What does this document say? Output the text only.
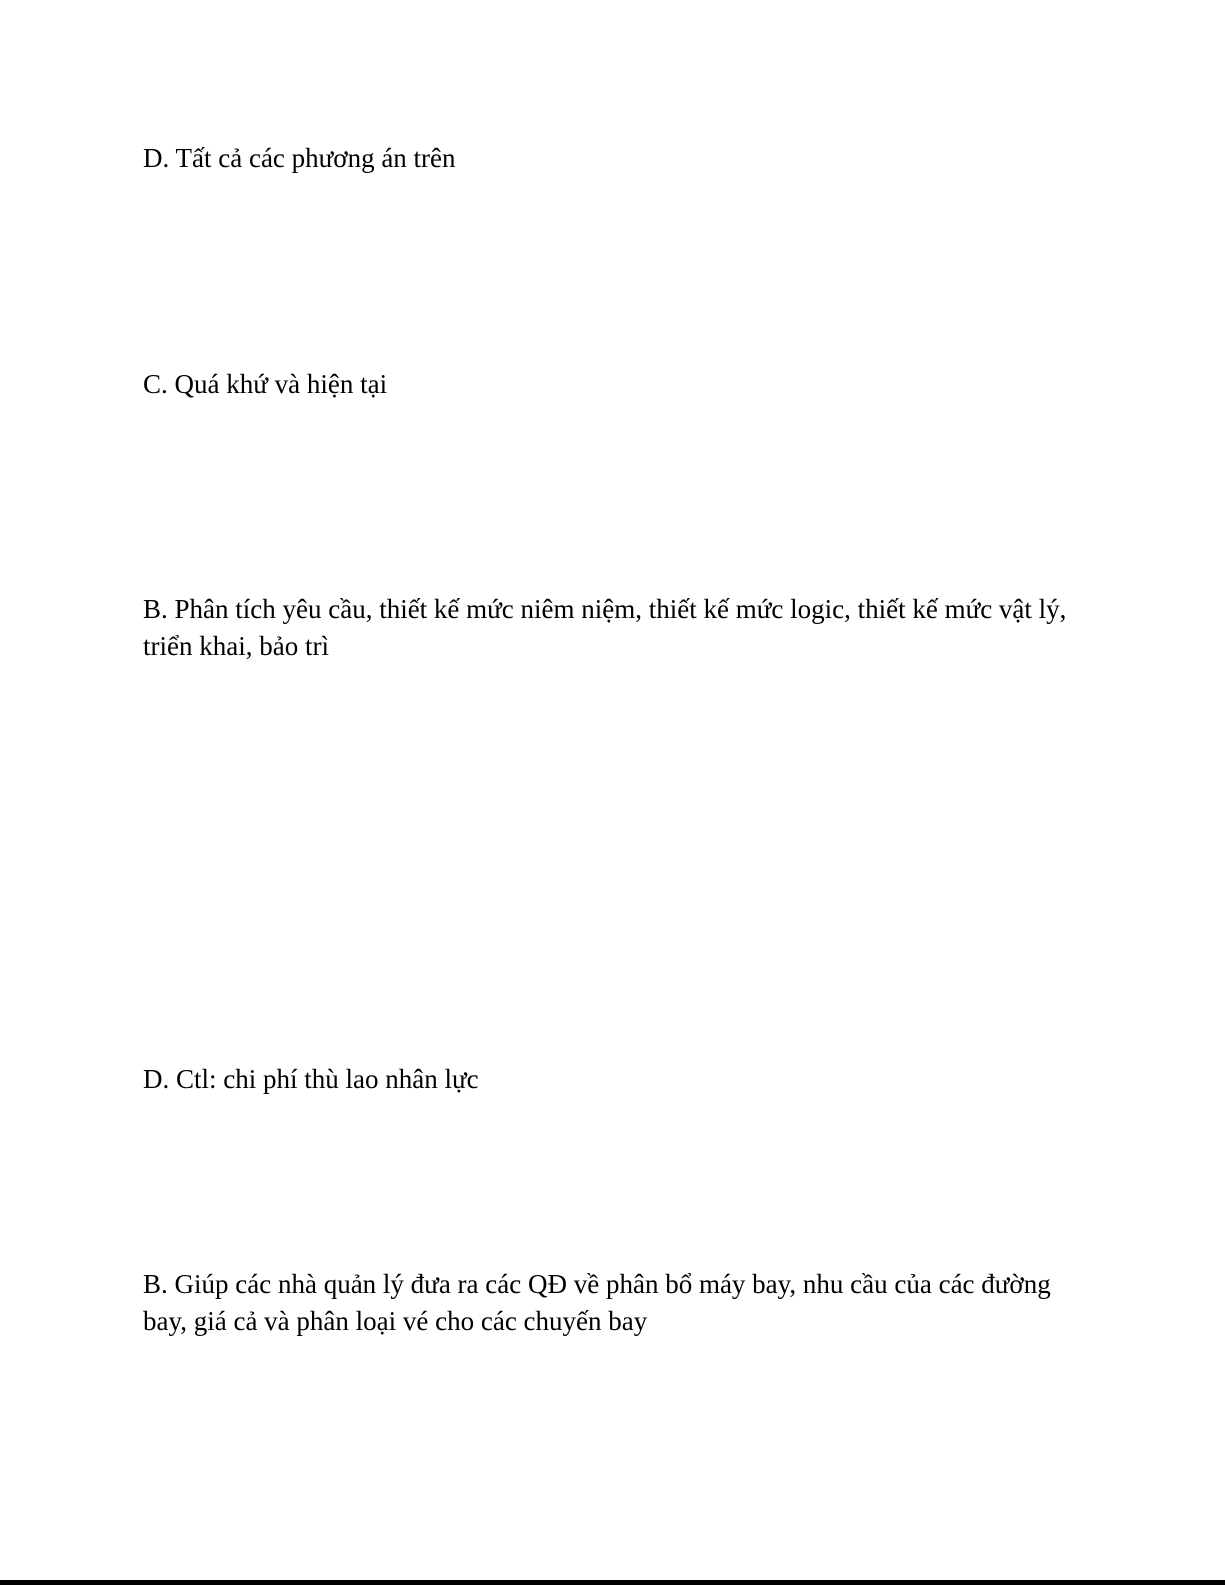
D. Tất cả các phương án trên

C. Quá khứ và hiện tại

B. Phân tích yêu cầu, thiết kế mức niêm niệm, thiết kế mức logic, thiết kế mức vật lý, triển khai, bảo trì

D. Ctl: chi phí thù lao nhân lực

B. Giúp các nhà quản lý đưa ra các QĐ về phân bổ máy bay, nhu cầu của các đường bay, giá cả và phân loại vé cho các chuyến bay
